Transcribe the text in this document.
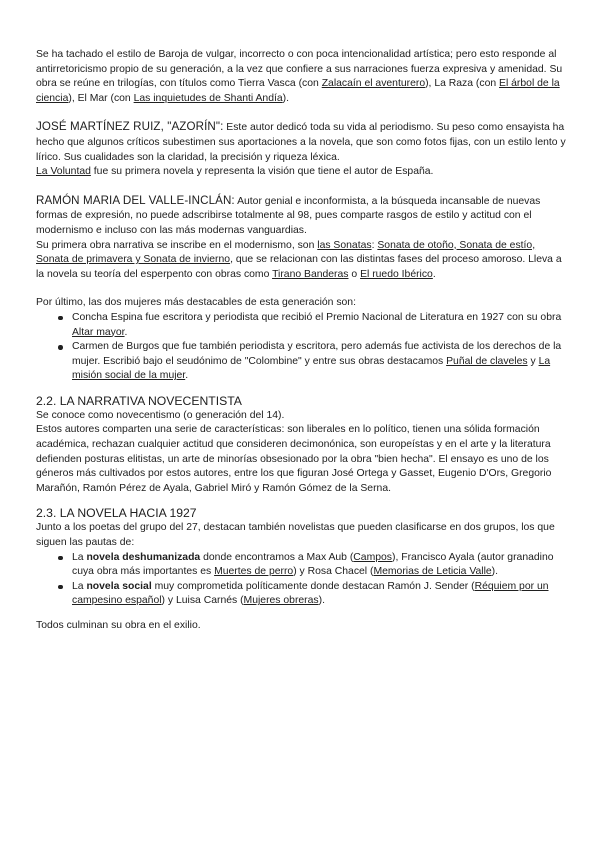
Se ha tachado el estilo de Baroja de vulgar, incorrecto o con poca intencionalidad artística; pero esto responde al antirretoricismo propio de su generación, a la vez que confiere a sus narraciones fuerza expresiva y amenidad. Su obra se reúne en trilogías, con títulos como Tierra Vasca (con Zalacaín el aventurero), La Raza (con El árbol de la ciencia), El Mar (con Las inquietudes de Shanti Andía).

JOSÉ MARTÍNEZ RUIZ, "AZORÍN": Este autor dedicó toda su vida al periodismo. Su peso como ensayista ha hecho que algunos críticos subestimen sus aportaciones a la novela, que son como fotos fijas, con un estilo lento y lírico. Sus cualidades son la claridad, la precisión y riqueza léxica.
La Voluntad fue su primera novela y representa la visión que tiene el autor de España.

RAMÓN MARIA DEL VALLE-INCLÁN: Autor genial e inconformista, a la búsqueda incansable de nuevas formas de expresión, no puede adscribirse totalmente al 98, pues comparte rasgos de estilo y actitud con el modernismo e incluso con las más modernas vanguardias.
Su primera obra narrativa se inscribe en el modernismo, son las Sonatas: Sonata de otoño, Sonata de estío, Sonata de primavera y Sonata de invierno, que se relacionan con las distintas fases del proceso amoroso. Lleva a la novela su teoría del esperpento con obras como Tirano Banderas o El ruedo Ibérico.

Por último, las dos mujeres más destacables de esta generación son:

Concha Espina fue escritora y periodista que recibió el Premio Nacional de Literatura en 1927 con su obra Altar mayor.
Carmen de Burgos que fue también periodista y escritora, pero además fue activista de los derechos de la mujer. Escribió bajo el seudónimo de "Colombine" y entre sus obras destacamos Puñal de claveles y La misión social de la mujer.
2.2. LA NARRATIVA NOVECENTISTA

Se conoce como novecentismo (o generación del 14).

Estos autores comparten una serie de características: son liberales en lo político, tienen una sólida formación académica, rechazan cualquier actitud que consideren decimonónica, son europeístas y en el arte y la literatura defienden posturas elitistas, un arte de minorías obsesionado por la obra "bien hecha". El ensayo es uno de los géneros más cultivados por estos autores, entre los que figuran José Ortega y Gasset, Eugenio D'Ors, Gregorio Marañón, Ramón Pérez de Ayala, Gabriel Miró y Ramón Gómez de la Serna.

2.3. LA NOVELA HACIA 1927

Junto a los poetas del grupo del 27, destacan también novelistas que pueden clasificarse en dos grupos, los que siguen las pautas de:

La novela deshumanizada donde encontramos a Max Aub (Campos), Francisco Ayala (autor granadino cuya obra más importantes es Muertes de perro) y Rosa Chacel (Memorias de Leticia Valle).
La novela social muy comprometida políticamente donde destacan Ramón J. Sender (Réquiem por un campesino español) y Luisa Carnés (Mujeres obreras).

Todos culminan su obra en el exilio.
